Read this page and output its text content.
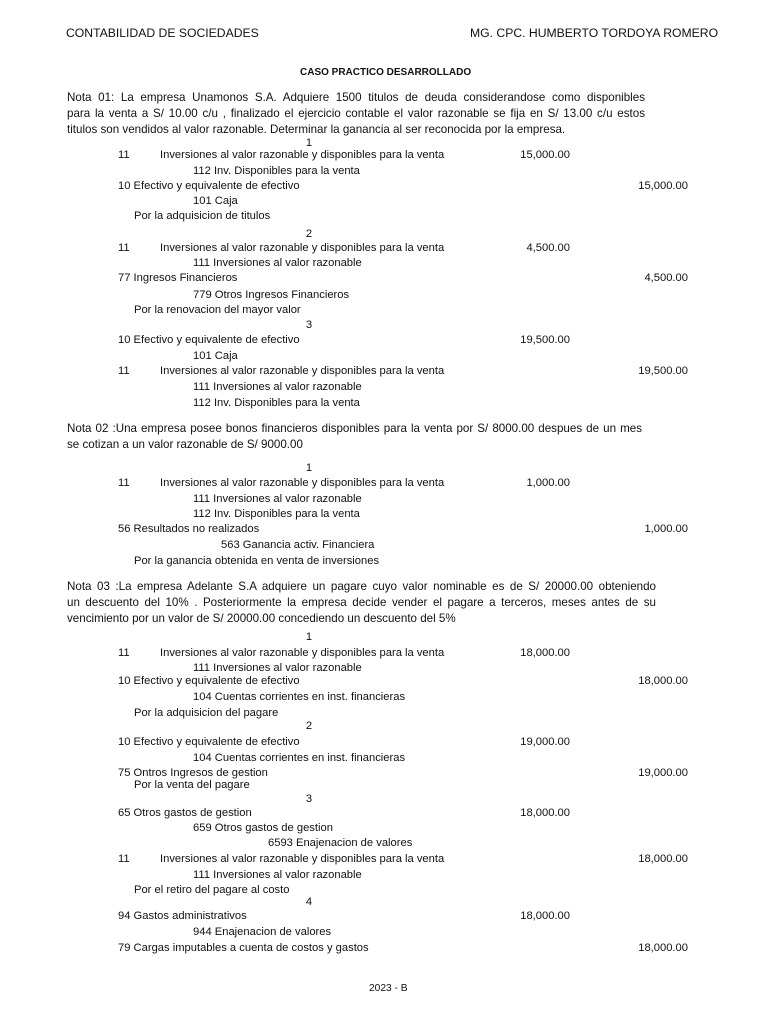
CONTABILIDAD DE SOCIEDADES	MG. CPC. HUMBERTO TORDOYA ROMERO
CASO PRACTICO DESARROLLADO

Nota 01: La empresa Unamonos S.A. Adquiere 1500 titulos de deuda considerandose como disponibles

para la venta a S/ 10.00 c/u , finalizado el ejercicio contable el valor razonable se fija en S/ 13.00 c/u estos

titulos son vendidos al valor razonable. Determinar la ganancia al ser reconocida por la empresa.

1
11	Inversiones al valor razonable y disponibles para la venta	15,000.00
112 Inv. Disponibles para la venta
10 Efectivo y equivalente de efectivo	15,000.00
101 Caja
Por la adquisicion de titulos
2
11	Inversiones al valor razonable y disponibles para la venta	4,500.00
111 Inversiones al valor razonable
77 Ingresos Financieros	4,500.00
779 Otros Ingresos Financieros
Por la renovacion del mayor valor
3
10 Efectivo y equivalente de efectivo	19,500.00
101 Caja
11	Inversiones al valor razonable y disponibles para la venta	19,500.00
111 Inversiones al valor razonable
112 Inv. Disponibles para la venta

Nota 02 :Una empresa posee bonos financieros disponibles para la venta por S/ 8000.00 despues de un mes

se cotizan a un valor razonable de S/ 9000.00

1
11	Inversiones al valor razonable y disponibles para la venta	1,000.00
111 Inversiones al valor razonable
112 Inv. Disponibles para la venta
56 Resultados no realizados	1,000.00
563 Ganancia activ. Financiera
Por la ganancia obtenida en venta de inversiones

Nota 03 :La empresa Adelante S.A adquiere un pagare cuyo valor nominable es de S/ 20000.00 obteniendo

un descuento del 10% . Posteriormente la empresa decide vender el pagare a terceros, meses antes de su

vencimiento por un valor de S/ 20000.00 concediendo un descuento del 5%

1
11	Inversiones al valor razonable y disponibles para la venta	18,000.00
111 Inversiones al valor razonable
10 Efectivo y equivalente de efectivo	18,000.00
104 Cuentas corrientes en inst. financieras
Por la adquisicion del pagare
2
10 Efectivo y equivalente de efectivo	19,000.00
104 Cuentas corrientes en inst. financieras
75 Ontros Ingresos de gestion	19,000.00
Por la venta del pagare
3
65 Otros gastos de gestion	18,000.00
659 Otros gastos de gestion
6593 Enajenacion de valores
11	Inversiones al valor razonable y disponibles para la venta	18,000.00
111 Inversiones al valor razonable
Por el retiro del pagare al costo
4
94 Gastos administrativos	18,000.00
944 Enajenacion de valores
79 Cargas imputables a cuenta de costos y gastos	18,000.00
2023 - B
